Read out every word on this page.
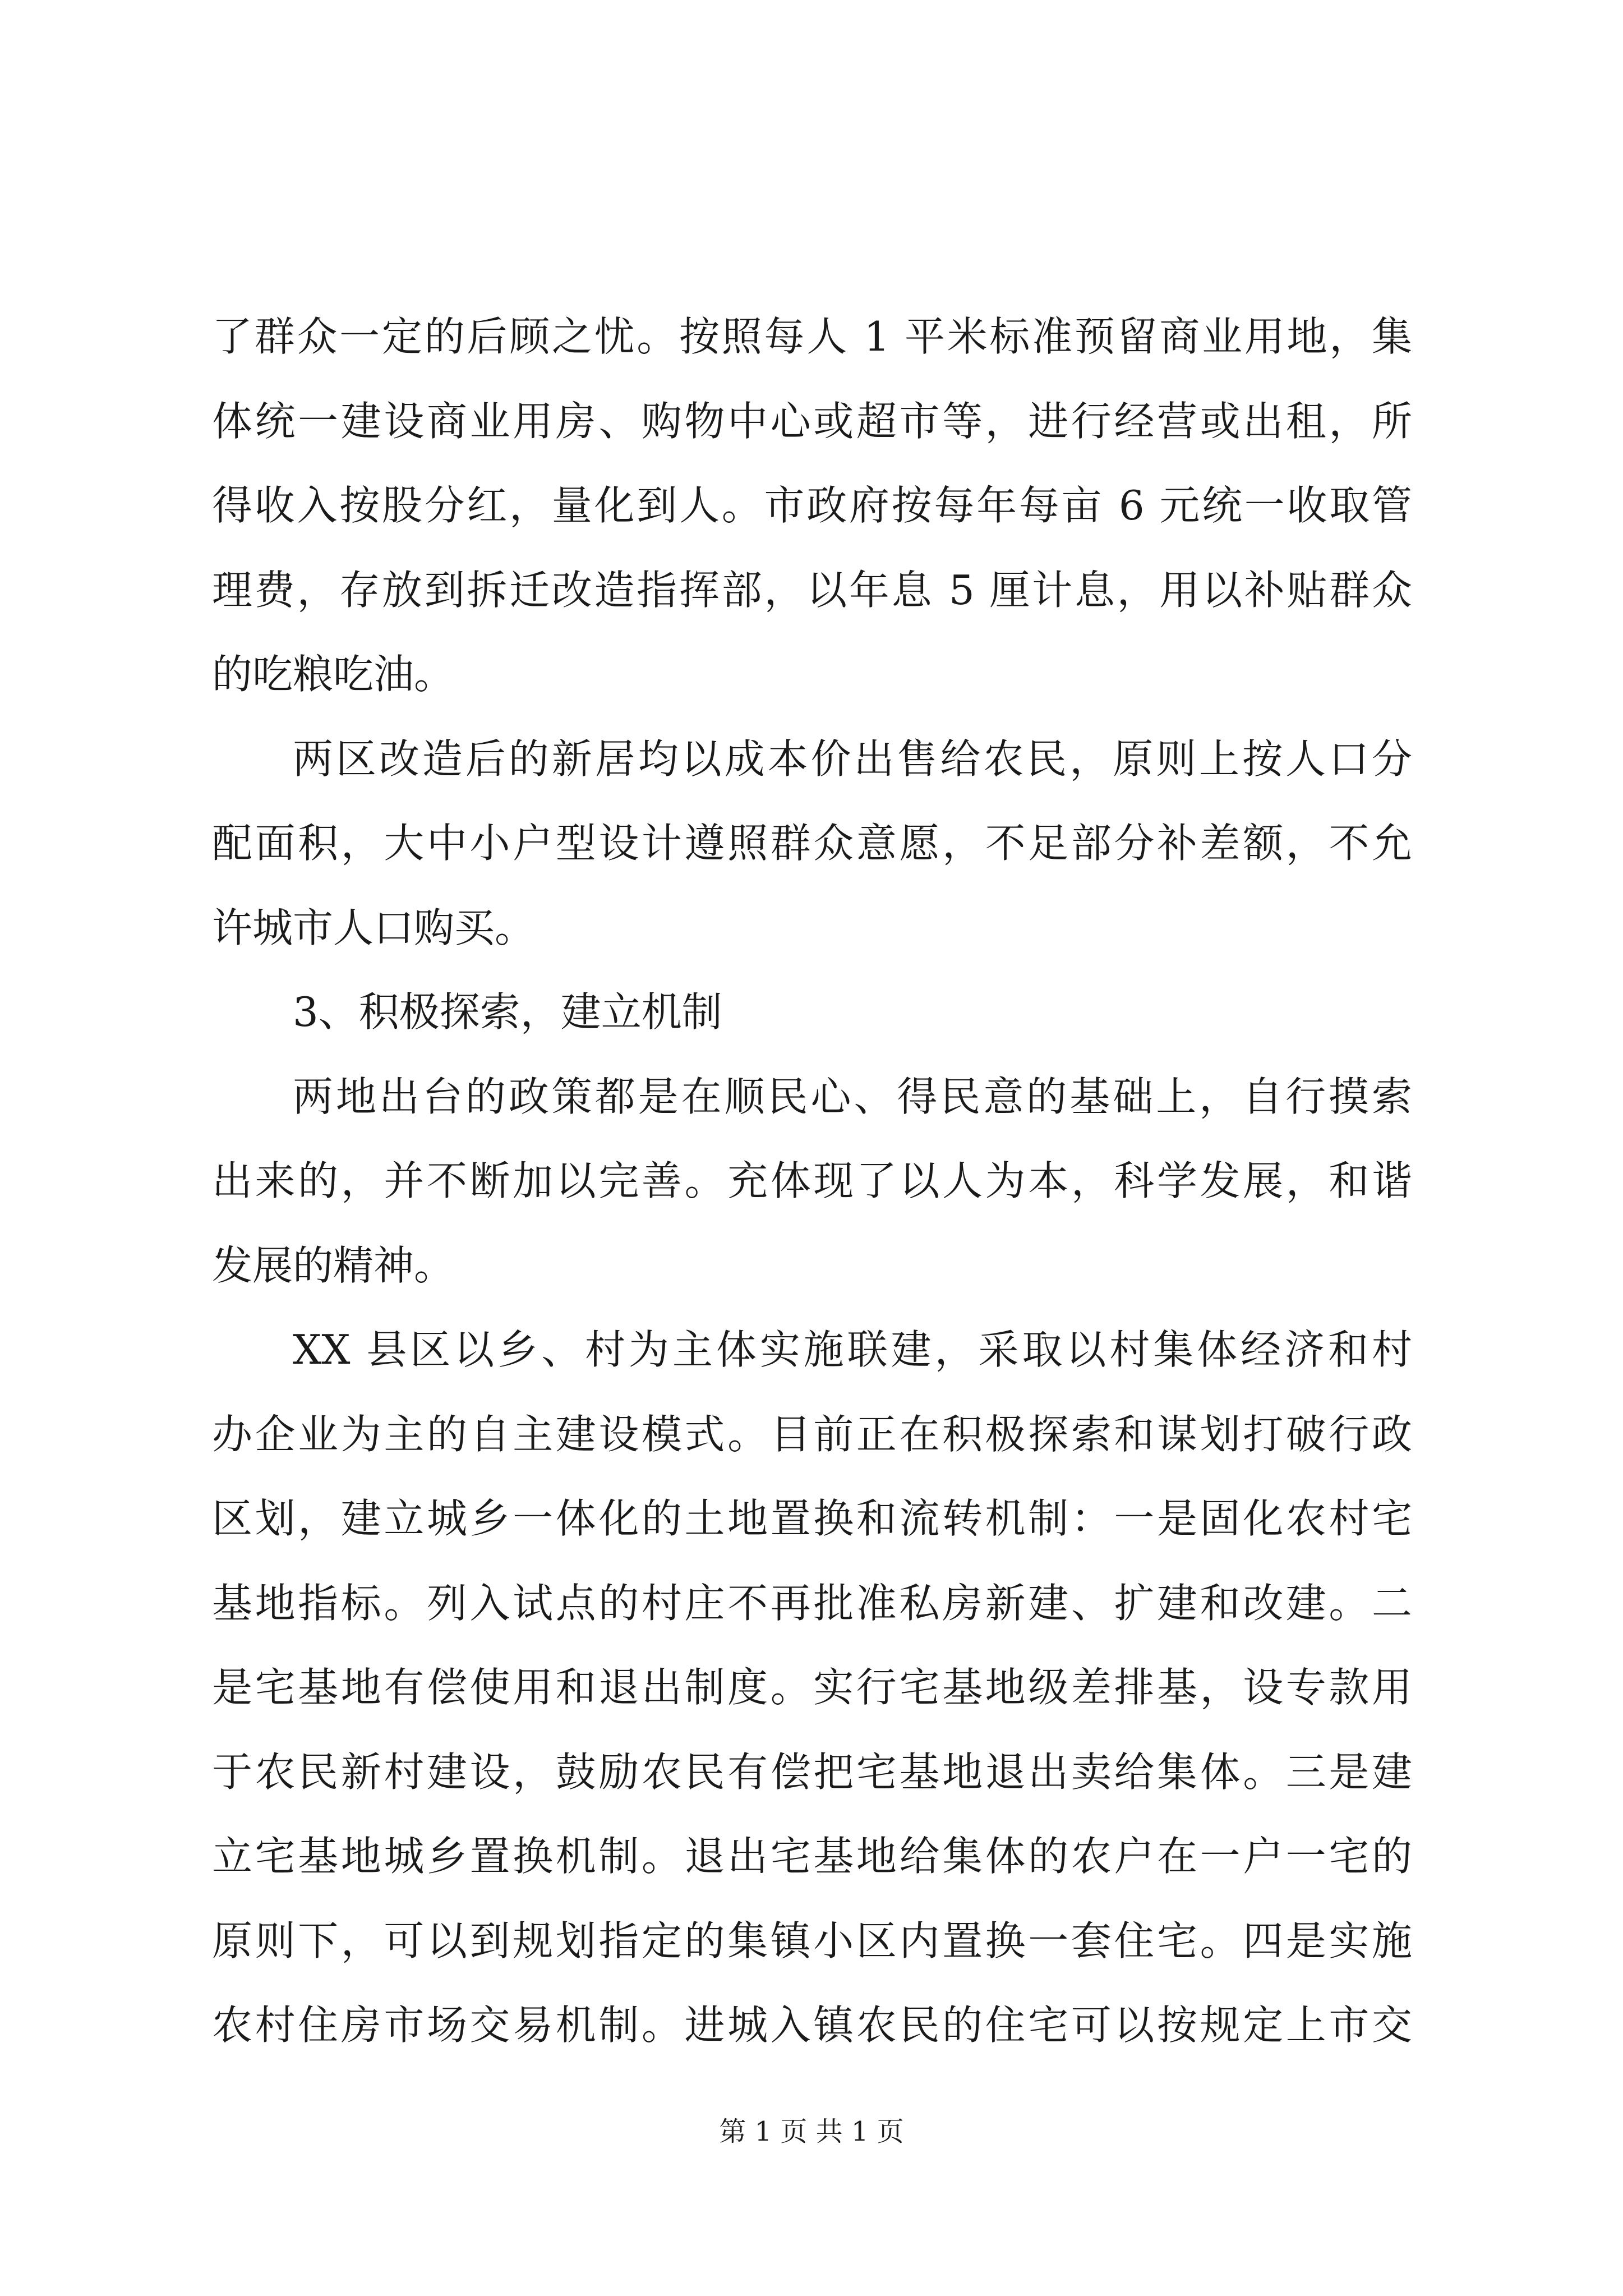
了群众一定的后顾之忧。按照每人 1 平米标准预留商业用地，集
体统一建设商业用房、购物中心或超市等，进行经营或出租，所
得收入按股分红，量化到人。市政府按每年每亩 6 元统一收取管
理费，存放到拆迁改造指挥部，以年息 5 厘计息，用以补贴群众
的吃粮吃油。
两区改造后的新居均以成本价出售给农民，原则上按人口分
配面积，大中小户型设计遵照群众意愿，不足部分补差额，不允
许城市人口购买。
3、积极探索，建立机制
两地出台的政策都是在顺民心、得民意的基础上，自行摸索
出来的，并不断加以完善。充体现了以人为本，科学发展，和谐
发展的精神。
XX 县区以乡、村为主体实施联建，采取以村集体经济和村
办企业为主的自主建设模式。目前正在积极探索和谋划打破行政
区划，建立城乡一体化的土地置换和流转机制：一是固化农村宅
基地指标。列入试点的村庄不再批准私房新建、扩建和改建。二
是宅基地有偿使用和退出制度。实行宅基地级差排基，设专款用
于农民新村建设，鼓励农民有偿把宅基地退出卖给集体。三是建
立宅基地城乡置换机制。退出宅基地给集体的农户在一户一宅的
原则下，可以到规划指定的集镇小区内置换一套住宅。四是实施
农村住房市场交易机制。进城入镇农民的住宅可以按规定上市交
第 1 页 共 1 页
